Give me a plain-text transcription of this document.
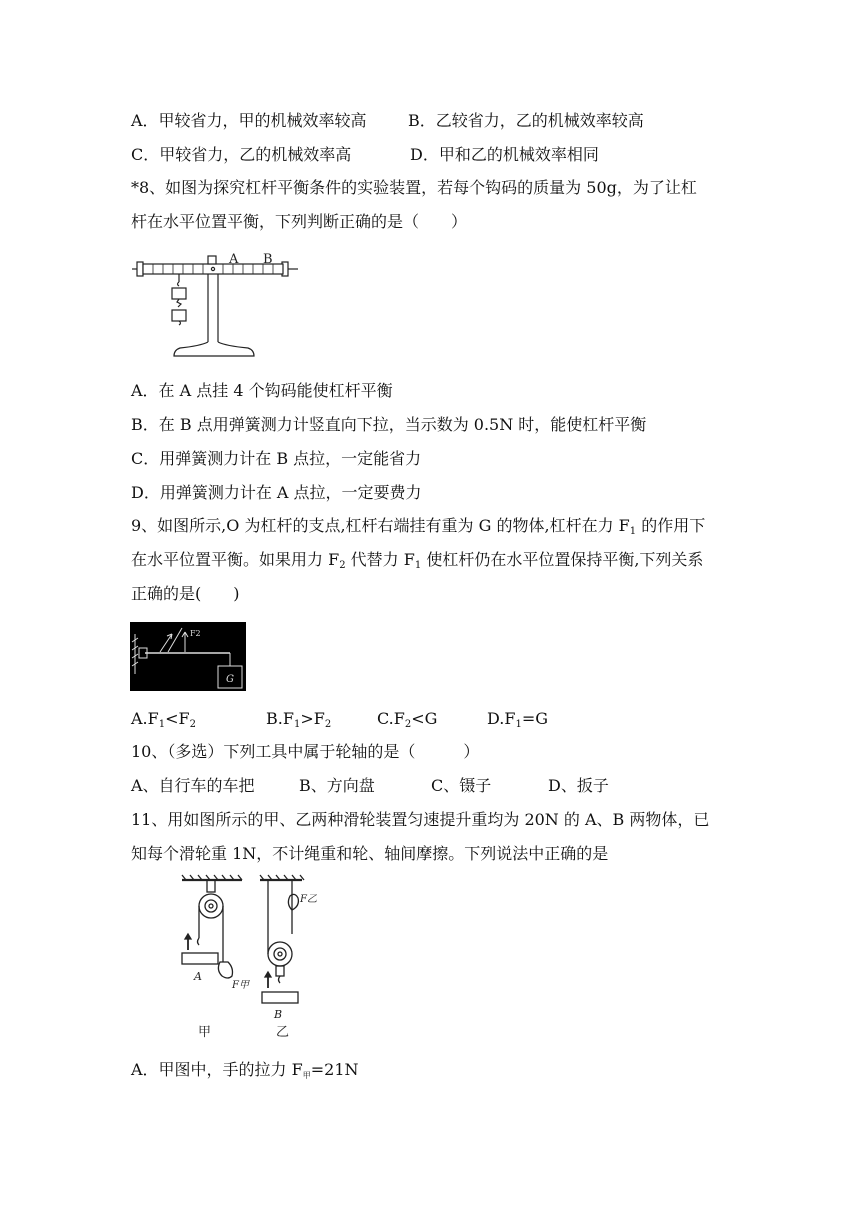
A．甲较省力，甲的机械效率较高	B．乙较省力，乙的机械效率较高
C．甲较省力，乙的机械效率高	D．甲和乙的机械效率相同
*8、如图为探究杠杆平衡条件的实验装置，若每个钩码的质量为 50g，为了让杠
杆在水平位置平衡，下列判断正确的是（　　）
A B
A．在 A 点挂 4 个钩码能使杠杆平衡
B．在 B 点用弹簧测力计竖直向下拉，当示数为 0.5N 时，能使杠杆平衡
C．用弹簧测力计在 B 点拉，一定能省力
D．用弹簧测力计在 A 点拉，一定要费力
9、如图所示,O 为杠杆的支点,杠杆右端挂有重为 G 的物体,杠杆在力 $F_1$ 的作用下
在水平位置平衡。如果用力 $F_2$ 代替力 $F_1$ 使杠杆仍在水平位置保持平衡,下列关系
正确的是(　　)
F2
G
$A.F_1<F_2$	$B.F_1>F_2$	$C.F_2<G$	$D.F_1=G$
10、（多选）下列工具中属于轮轴的是（　　　）
A、自行车的车把	B、方向盘	C、镊子	D、扳子
11、用如图所示的甲、乙两种滑轮装置匀速提升重均为 20N 的 A、B 两物体，已
知每个滑轮重 1N，不计绳重和轮、轴间摩擦。下列说法中正确的是
A
F甲
B
F乙
甲	乙
A．甲图中，手的拉力 $F_甲=21N$
